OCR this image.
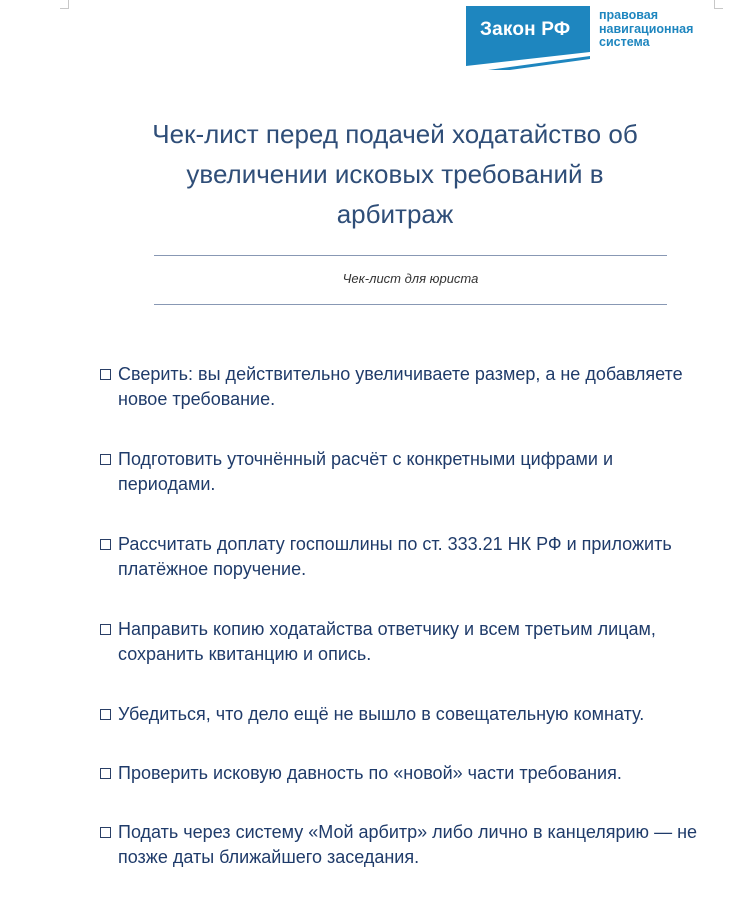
Закон РФ
правовая
навигационная
система
Чек-лист перед подачей ходатайство об увеличении исковых требований в арбитраж
Чек-лист для юриста
Сверить: вы действительно увеличиваете размер, а не добавляете новое требование.
Подготовить уточнённый расчёт с конкретными цифрами и периодами.
Рассчитать доплату госпошлины по ст. 333.21 НК РФ и приложить платёжное поручение.
Направить копию ходатайства ответчику и всем третьим лицам, сохранить квитанцию и опись.
Убедиться, что дело ещё не вышло в совещательную комнату.
Проверить исковую давность по «новой» части требования.
Подать через систему «Мой арбитр» либо лично в канцелярию — не позже даты ближайшего заседания.
